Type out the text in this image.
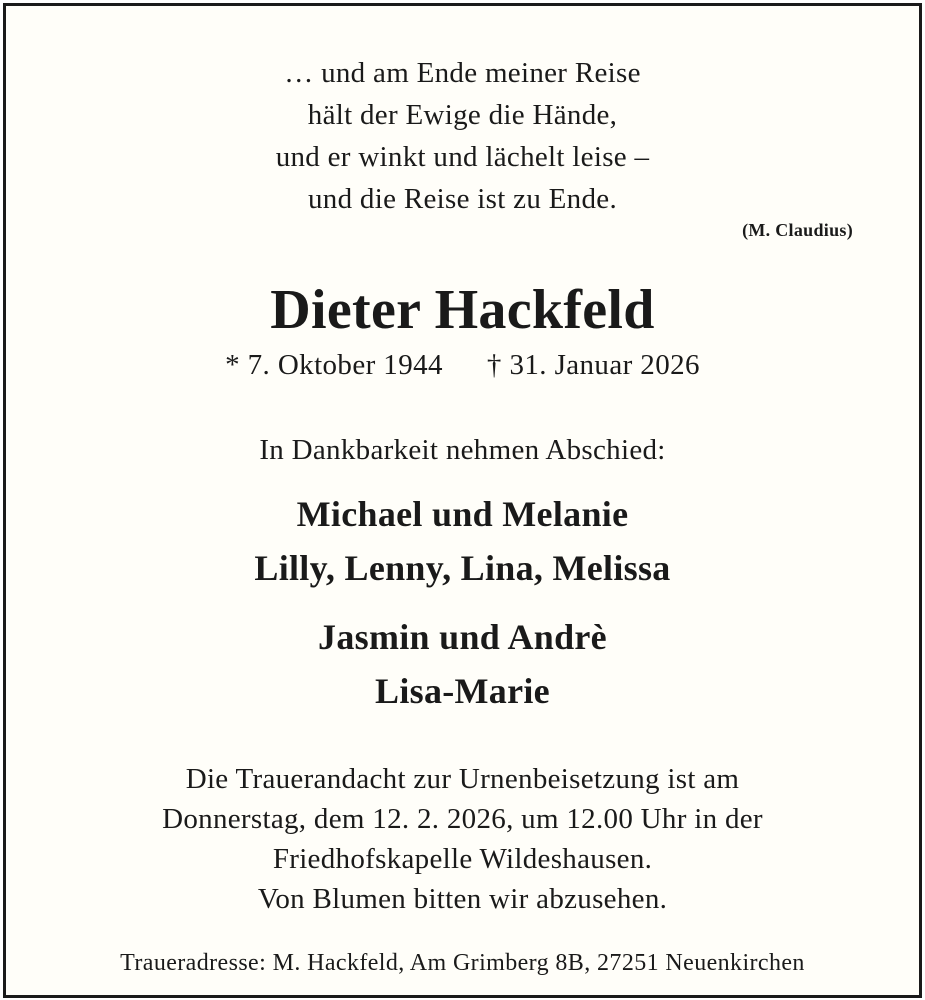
… und am Ende meiner Reise
hält der Ewige die Hände,
und er winkt und lächelt leise –
und die Reise ist zu Ende.
(M. Claudius)
Dieter Hackfeld
* 7. Oktober 1944 † 31. Januar 2026
In Dankbarkeit nehmen Abschied:
Michael und Melanie
Lilly, Lenny, Lina, Melissa
Jasmin und Andrè
Lisa-Marie
Die Trauerandacht zur Urnenbeisetzung ist am
Donnerstag, dem 12. 2. 2026, um 12.00 Uhr in der
Friedhofskapelle Wildeshausen.
Von Blumen bitten wir abzusehen.
Traueradresse: M. Hackfeld, Am Grimberg 8B, 27251 Neuenkirchen
